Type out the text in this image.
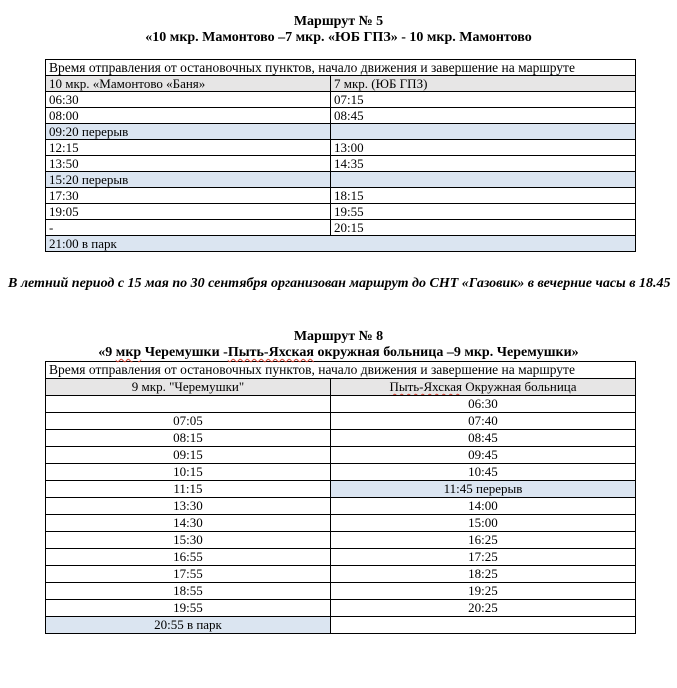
Маршрут № 5
«10 мкр. Мамонтово –7 мкр. «ЮБ ГПЗ» - 10 мкр. Мамонтово
Время отправления от остановочных пунктов, начало движения и завершение на маршруте	
10 мкр. «Мамонтово «Баня»	7 мкр. (ЮБ ГПЗ)
06:30	07:15
08:00	08:45
09:20 перерыв	
12:15	13:00
13:50	14:35
15:20 перерыв	
17:30	18:15
19:05	19:55
-	20:15
21:00 в парк	
В летний период с 15 мая по 30 сентября организован маршрут до СНТ «Газовик» в вечерние часы в 18.45
Маршрут № 8
«9 мкр Черемушки -Пыть-Яхская окружная больница –9 мкр. Черемушки»
Время отправления от остановочных пунктов, начало движения и завершение на маршруте	
9 мкр. "Черемушки"	Пыть-Яхская Окружная больница
	06:30
07:05	07:40
08:15	08:45
09:15	09:45
10:15	10:45
11:15	11:45 перерыв
13:30	14:00
14:30	15:00
15:30	16:25
16:55	17:25
17:55	18:25
18:55	19:25
19:55	20:25
20:55 в парк	
